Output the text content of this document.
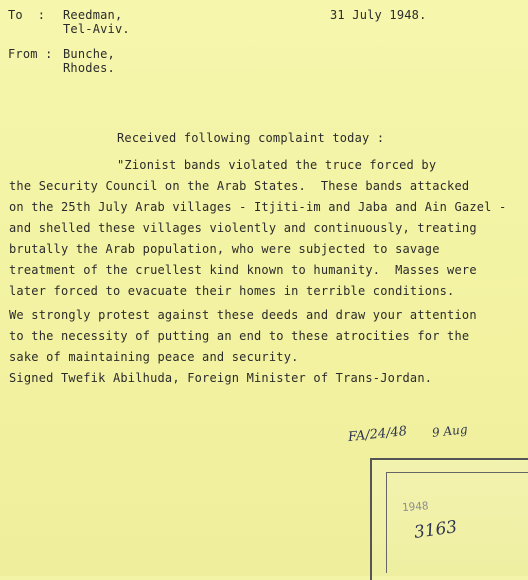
To  : Reedman,
Tel-Aviv.
31 July 1948.
From : Bunche,
Rhodes.
Received following complaint today :
"Zionist bands violated the truce forced by
the Security Council on the Arab States.  These bands attacked
on the 25th July Arab villages - Itjiti-im and Jaba and Ain Gazel -
and shelled these villages violently and continuously, treating
brutally the Arab population, who were subjected to savage
treatment of the cruellest kind known to humanity.  Masses were
later forced to evacuate their homes in terrible conditions.
We strongly protest against these deeds and draw your attention
to the necessity of putting an end to these atrocities for the
sake of maintaining peace and security.
Signed Twefik Abilhuda, Foreign Minister of Trans-Jordan.
FA/24/48 9 Aug
1948
3163
